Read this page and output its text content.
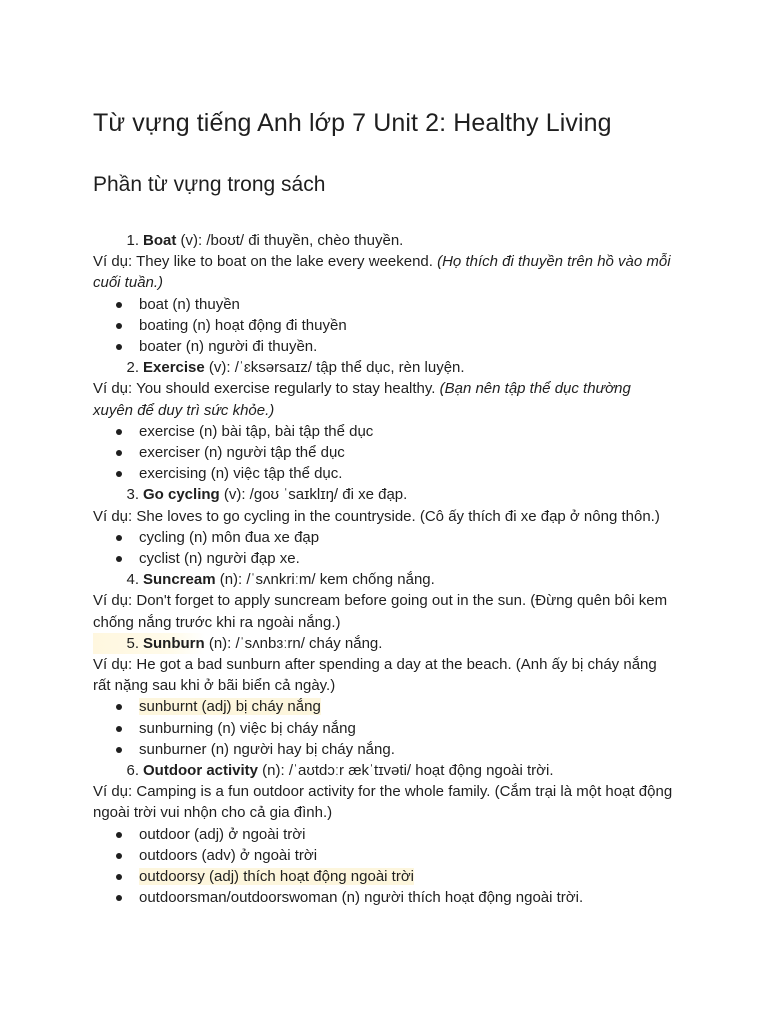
Từ vựng tiếng Anh lớp 7 Unit 2: Healthy Living
Phần từ vựng trong sách

1. Boat (v): /boʊt/ đi thuyền, chèo thuyền.

Ví dụ: They like to boat on the lake every weekend. (Họ thích đi thuyền trên hồ vào mỗi cuối tuần.)

boat (n) thuyền

boating (n) hoạt động đi thuyền

boater (n) người đi thuyền.

2. Exercise (v): /ˈɛksərsaɪz/ tập thể dục, rèn luyện.

Ví dụ: You should exercise regularly to stay healthy. (Bạn nên tập thể dục thường xuyên để duy trì sức khỏe.)

exercise (n) bài tập, bài tập thể dục

exerciser (n) người tập thể dục

exercising (n) việc tập thể dục.

3. Go cycling (v): /ɡoʊ ˈsaɪklɪŋ/ đi xe đạp.

Ví dụ: She loves to go cycling in the countryside. (Cô ấy thích đi xe đạp ở nông thôn.)

cycling (n) môn đua xe đạp

cyclist (n) người đạp xe.

4. Suncream (n): /ˈsʌnkriːm/ kem chống nắng.

Ví dụ: Don't forget to apply suncream before going out in the sun. (Đừng quên bôi kem chống nắng trước khi ra ngoài nắng.)

5. Sunburn (n): /ˈsʌnbɜːrn/ cháy nắng.

Ví dụ: He got a bad sunburn after spending a day at the beach. (Anh ấy bị cháy nắng rất nặng sau khi ở bãi biển cả ngày.)

sunburnt (adj) bị cháy nắng

sunburning (n) việc bị cháy nắng

sunburner (n) người hay bị cháy nắng.

6. Outdoor activity (n): /ˈaʊtdɔːr ækˈtɪvəti/ hoạt động ngoài trời.

Ví dụ: Camping is a fun outdoor activity for the whole family. (Cắm trại là một hoạt động ngoài trời vui nhộn cho cả gia đình.)

outdoor (adj) ở ngoài trời

outdoors (adv) ở ngoài trời

outdoorsy (adj) thích hoạt động ngoài trời

outdoorsman/outdoorswoman (n) người thích hoạt động ngoài trời.
